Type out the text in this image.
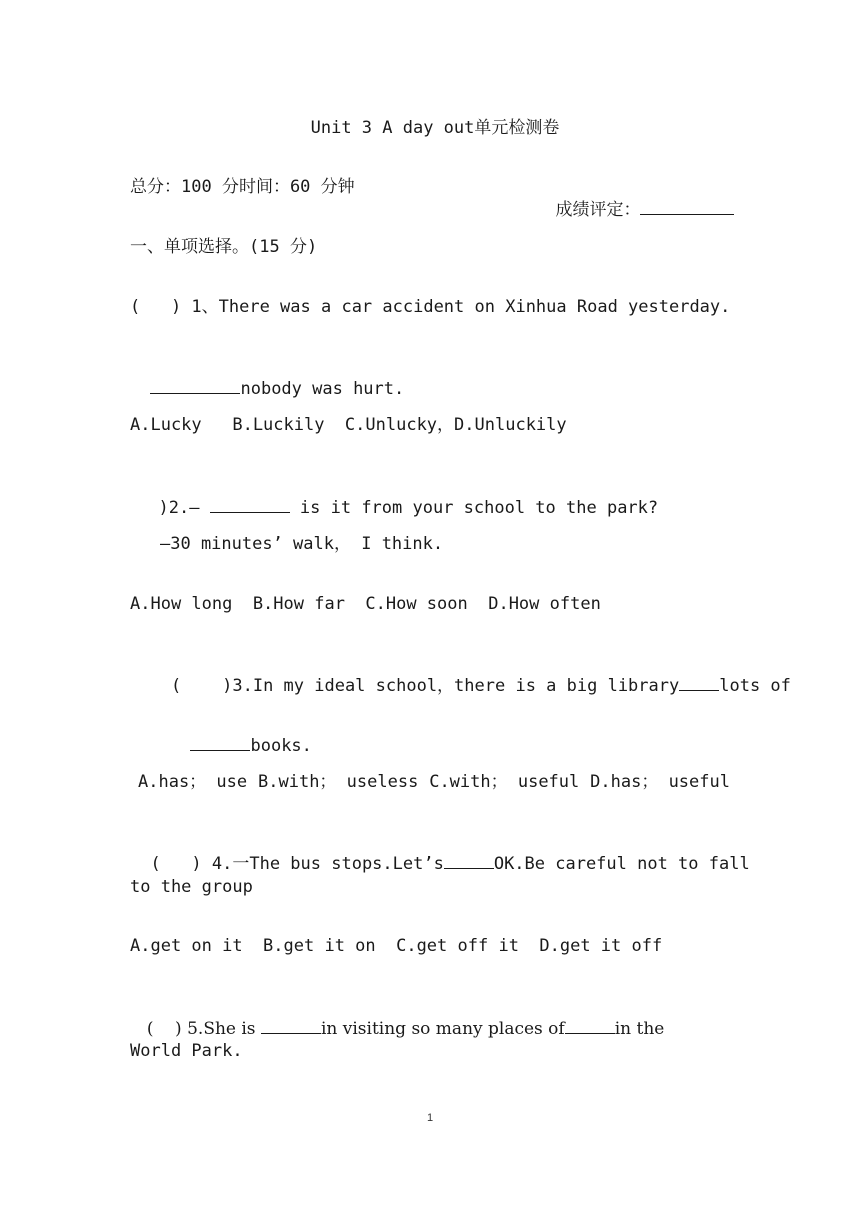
Unit 3 A day out单元检测卷
总分：100 分时间：60 分钟

成绩评定：

一、单项选择。(15 分)
(   ) 1、There was a car accident on Xinhua Road yesterday.

nobody was hurt.

A.Lucky   B.Luckily  C.Unlucky，D.Unluckily

)2.—	is it from your school to the park?

—30 minutes’ walk， I think.
A.How long  B.How far  C.How soon  D.How often

(    )3.In my ideal school，there is a big library lots of

books.

A.has； use B.with； useless C.with； useful D.has； useful

(   ) 4.一The bus stops.Let’s	OK.Be careful not to fall

to the group
A.get on it  B.get it on  C.get off it  D.get it off

(    ) 5.She is	in visiting so many places of	in the

World Park.
1
